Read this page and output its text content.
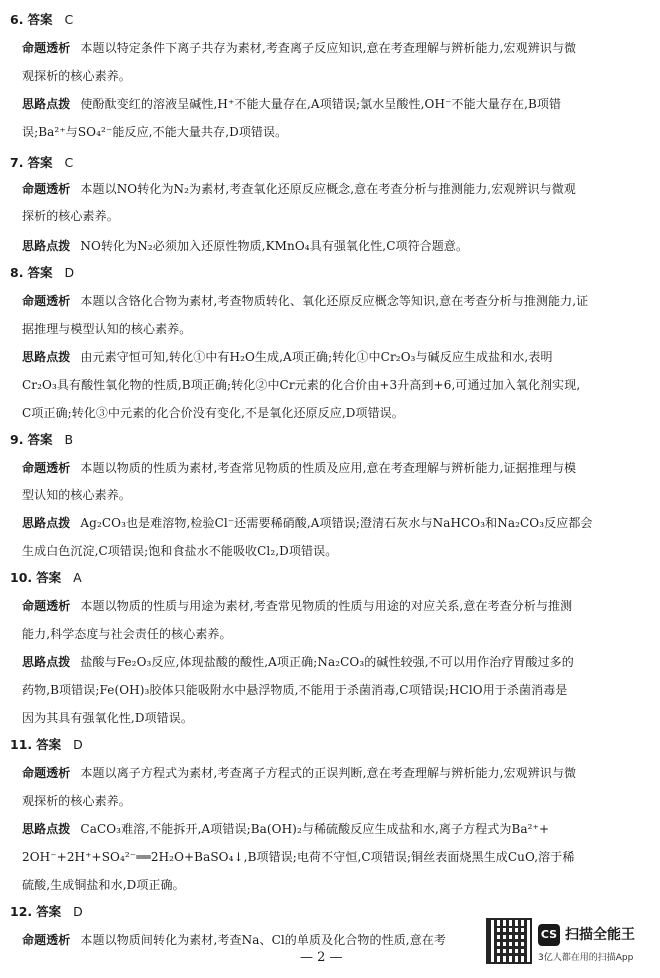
6. 答案 C
命题透析 本题以特定条件下离子共存为素材,考查离子反应知识,意在考查理解与辨析能力,宏观辨识与微
观探析的核心素养。
思路点拨 使酚酞变红的溶液呈碱性,H⁺不能大量存在,A项错误;氯水呈酸性,OH⁻不能大量存在,B项错
误;Ba²⁺与SO₄²⁻能反应,不能大量共存,D项错误。
7. 答案 C
命题透析 本题以NO转化为N₂为素材,考查氧化还原反应概念,意在考查分析与推测能力,宏观辨识与微观
探析的核心素养。
思路点拨 NO转化为N₂必须加入还原性物质,KMnO₄具有强氧化性,C项符合题意。
8. 答案 D
命题透析 本题以含铬化合物为素材,考查物质转化、氧化还原反应概念等知识,意在考查分析与推测能力,证
据推理与模型认知的核心素养。
思路点拨 由元素守恒可知,转化①中有H₂O生成,A项正确;转化①中Cr₂O₃与碱反应生成盐和水,表明
Cr₂O₃具有酸性氧化物的性质,B项正确;转化②中Cr元素的化合价由+3升高到+6,可通过加入氧化剂实现,
C项正确;转化③中元素的化合价没有变化,不是氧化还原反应,D项错误。
9. 答案 B
命题透析 本题以物质的性质为素材,考查常见物质的性质及应用,意在考查理解与辨析能力,证据推理与模
型认知的核心素养。
思路点拨 Ag₂CO₃也是难溶物,检验Cl⁻还需要稀硝酸,A项错误;澄清石灰水与NaHCO₃和Na₂CO₃反应都会
生成白色沉淀,C项错误;饱和食盐水不能吸收Cl₂,D项错误。
10. 答案 A
命题透析 本题以物质的性质与用途为素材,考查常见物质的性质与用途的对应关系,意在考查分析与推测
能力,科学态度与社会责任的核心素养。
思路点拨 盐酸与Fe₂O₃反应,体现盐酸的酸性,A项正确;Na₂CO₃的碱性较强,不可以用作治疗胃酸过多的
药物,B项错误;Fe(OH)₃胶体只能吸附水中悬浮物质,不能用于杀菌消毒,C项错误;HClO用于杀菌消毒是
因为其具有强氧化性,D项错误。
11. 答案 D
命题透析 本题以离子方程式为素材,考查离子方程式的正误判断,意在考查理解与辨析能力,宏观辨识与微
观探析的核心素养。
思路点拨 CaCO₃难溶,不能拆开,A项错误;Ba(OH)₂与稀硫酸反应生成盐和水,离子方程式为Ba²⁺+
2OH⁻+2H⁺+SO₄²⁻══2H₂O+BaSO₄↓,B项错误;电荷不守恒,C项错误;铜丝表面烧黑生成CuO,溶于稀
硫酸,生成铜盐和水,D项正确。
12. 答案 D
命题透析 本题以物质间转化为素材,考查Na、Cl的单质及化合物的性质,意在考
— 2 —
CS 扫描全能王
3亿人都在用的扫描App
